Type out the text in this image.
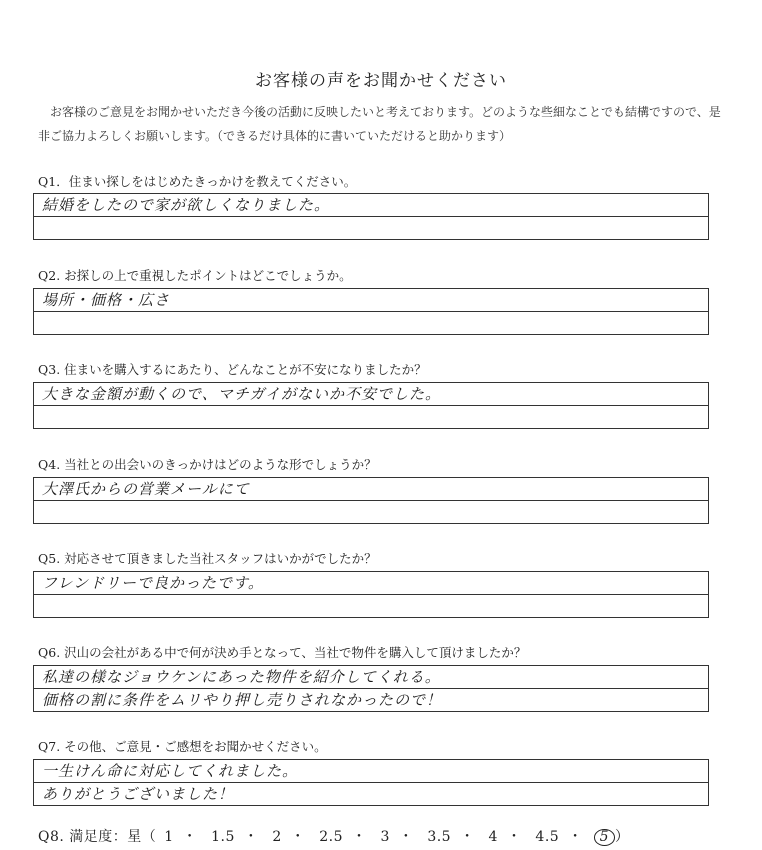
お客様の声をお聞かせください
お客様のご意見をお聞かせいただき今後の活動に反映したいと考えております。どのような些細なことでも結構ですので、是非ご協力よろしくお願いします。（できるだけ具体的に書いていただけると助かります）
Q1．住まい探しをはじめたきっかけを教えてください。
結婚をしたので家が欲しくなりました。
Q2. お探しの上で重視したポイントはどこでしょうか。
場所・価格・広さ
Q3. 住まいを購入するにあたり、どんなことが不安になりましたか？
大きな金額が動くので、マチガイがないか不安でした。
Q4. 当社との出会いのきっかけはどのような形でしょうか？
大澤氏からの営業メールにて
Q5. 対応させて頂きました当社スタッフはいかがでしたか？
フレンドリーで良かったです。
Q6. 沢山の会社がある中で何が決め手となって、当社で物件を購入して頂けましたか？
私達の様なジョウケンにあった物件を紹介してくれる。
価格の割に条件をムリやり押し売りされなかったので！
Q7. その他、ご意見・ご感想をお聞かせください。
一生けん命に対応してくれました。
ありがとうございました！
Q8. 満足度：星（ 1 ・ 1.5 ・ 2 ・ 2.5 ・ 3 ・ 3.5 ・ 4 ・ 4.5 ・ 5 ）
